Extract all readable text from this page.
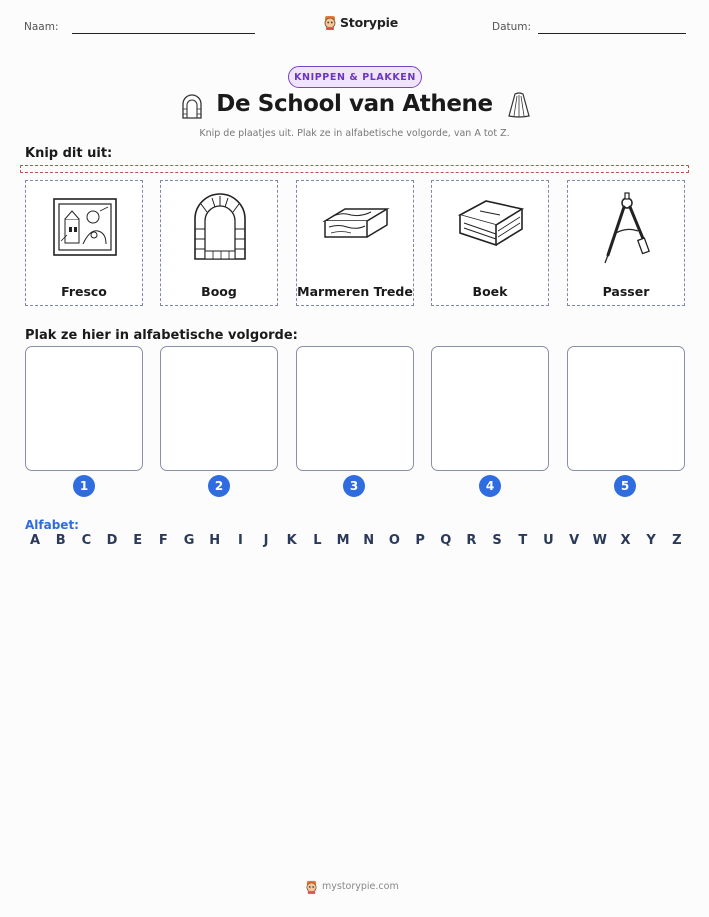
Naam:	Storypie	Datum:
KNIPPEN & PLAKKEN
De School van Athene
Knip de plaatjes uit. Plak ze in alfabetische volgorde, van A tot Z.
Knip dit uit:
Fresco	Boog	Marmeren Trede	Boek	Passer
Plak ze hier in alfabetische volgorde:
1	2	3	4	5
Alfabet:
A B C D E F G H	I	J	K L M N O P Q R S T U V W X Y Z
mystorypie.com
